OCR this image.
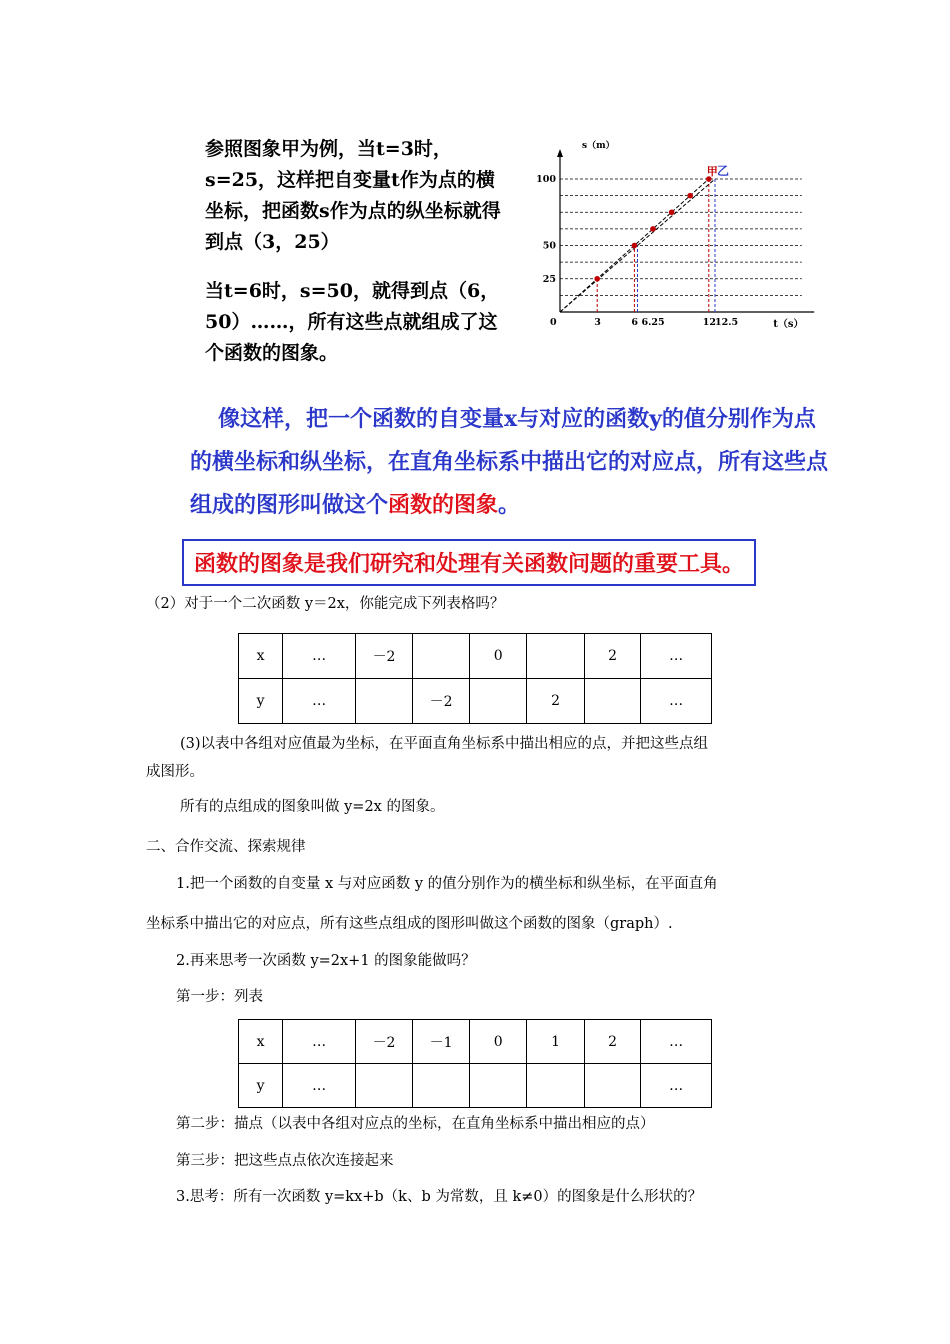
参照图象甲为例，当t=3时，s=25，这样把自变量t作为点的横坐标，把函数s作为点的纵坐标就得到点（3，25）
当t=6时，s=50，就得到点（6，50）……，所有这些点就组成了这个函数的图象。
甲 乙
0	3	6 6.25	12
12.5
25
50
100
s（m）
t（s）
像这样，把一个函数的自变量x与对应的函数y的值分别作为点的横坐标和纵坐标，在直角坐标系中描出它的对应点，所有这些点组成的图形叫做这个函数的图象。
函数的图象是我们研究和处理有关函数问题的重要工具。
（2）对于一个二次函数 y＝2x，你能完成下列表格吗？
x	…	－2		0		2	…
y	…		－2		2		…
(3)以表中各组对应值最为坐标，在平面直角坐标系中描出相应的点，并把这些点组
成图形。
所有的点组成的图象叫做 y=2x 的图象。
二、合作交流、探索规律
1.把一个函数的自变量 x 与对应函数 y 的值分别作为的横坐标和纵坐标，在平面直角
坐标系中描出它的对应点，所有这些点组成的图形叫做这个函数的图象（graph）.
2.再来思考一次函数 y=2x+1 的图象能做吗？
第一步：列表
x	…	－2	－1	0	1	2	…
y	…						…
第二步：描点（以表中各组对应点的坐标，在直角坐标系中描出相应的点）
第三步：把这些点点依次连接起来
3.思考：所有一次函数 y=kx+b（k、b 为常数，且 k≠0）的图象是什么形状的？
